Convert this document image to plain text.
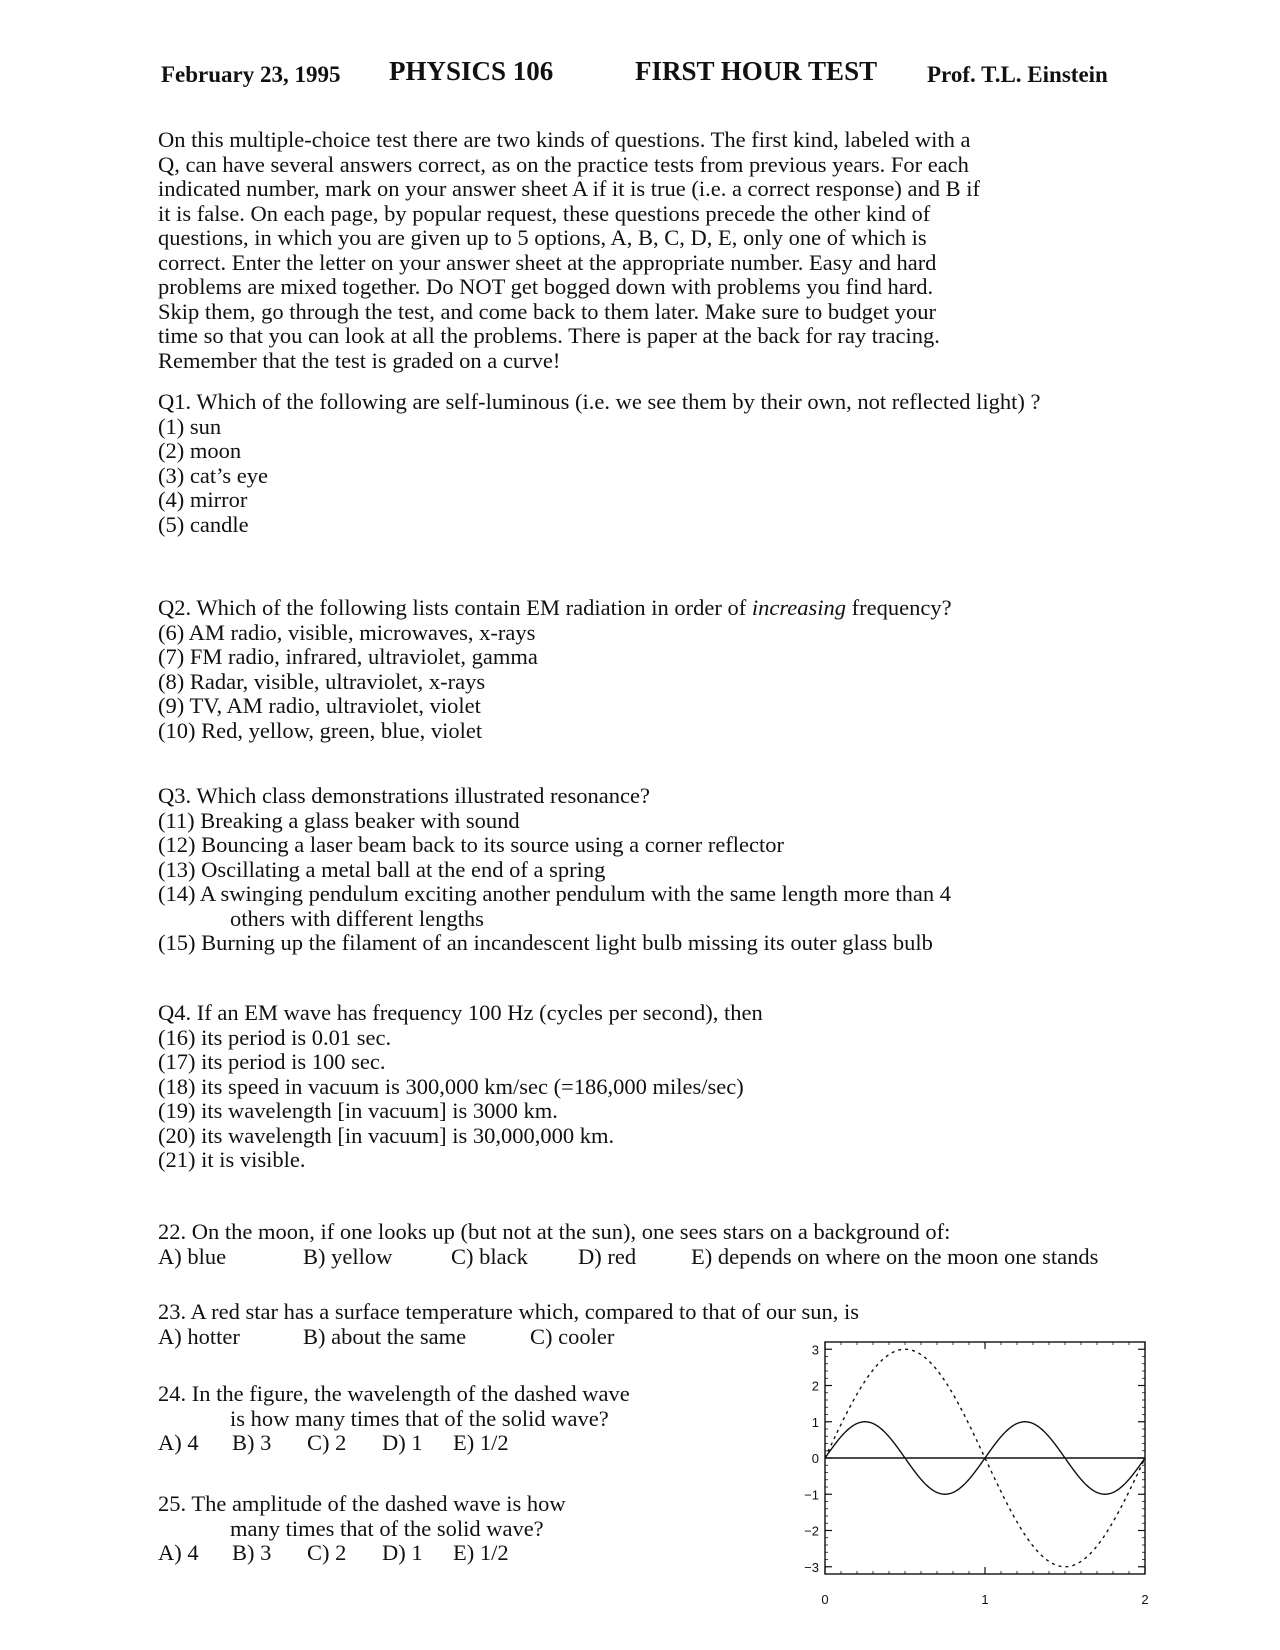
February 23, 1995 PHYSICS 106	FIRST HOUR TEST Prof. T.L. Einstein
On this multiple-choice test there are two kinds of questions. The first kind, labeled with a
Q, can have several answers correct, as on the practice tests from previous years. For each
indicated number, mark on your answer sheet A if it is true (i.e. a correct response) and B if
it is false. On each page, by popular request, these questions precede the other kind of
questions, in which you are given up to 5 options, A, B, C, D, E, only one of which is
correct. Enter the letter on your answer sheet at the appropriate number. Easy and hard
problems are mixed together. Do NOT get bogged down with problems you find hard.
Skip them, go through the test, and come back to them later. Make sure to budget your
time so that you can look at all the problems. There is paper at the back for ray tracing.
Remember that the test is graded on a curve!
Q1. Which of the following are self-luminous (i.e. we see them by their own, not reflected light) ?
(1) sun
(2) moon
(3) cat’s eye
(4) mirror
(5) candle
Q2. Which of the following lists contain EM radiation in order of increasing frequency?
(6) AM radio, visible, microwaves, x-rays
(7) FM radio, infrared, ultraviolet, gamma
(8) Radar, visible, ultraviolet, x-rays
(9) TV, AM radio, ultraviolet, violet
(10) Red, yellow, green, blue, violet
Q3. Which class demonstrations illustrated resonance?
(11) Breaking a glass beaker with sound
(12) Bouncing a laser beam back to its source using a corner reflector
(13) Oscillating a metal ball at the end of a spring
(14) A swinging pendulum exciting another pendulum with the same length more than 4
others with different lengths
(15) Burning up the filament of an incandescent light bulb missing its outer glass bulb
Q4. If an EM wave has frequency 100 Hz (cycles per second), then
(16) its period is 0.01 sec.
(17) its period is 100 sec.
(18) its speed in vacuum is 300,000 km/sec (=186,000 miles/sec)
(19) its wavelength [in vacuum] is 3000 km.
(20) its wavelength [in vacuum] is 30,000,000 km.
(21) it is visible.
22. On the moon, if one looks up (but not at the sun), one sees stars on a background of:
A) blue	B) yellow	C) black D) red E) depends on where on the moon one stands
23. A red star has a surface temperature which, compared to that of our sun, is
A) hotter	B) about the same	C) cooler
24. In the figure, the wavelength of the dashed wave
is how many times that of the solid wave?
A) 4 B) 3 C) 2 D) 1 E) 1/2
25. The amplitude of the dashed wave is how
many times that of the solid wave?
A) 4 B) 3 C) 2 D) 1 E) 1/2
3
2
1
0
−1
−2
−3
0	1	2
